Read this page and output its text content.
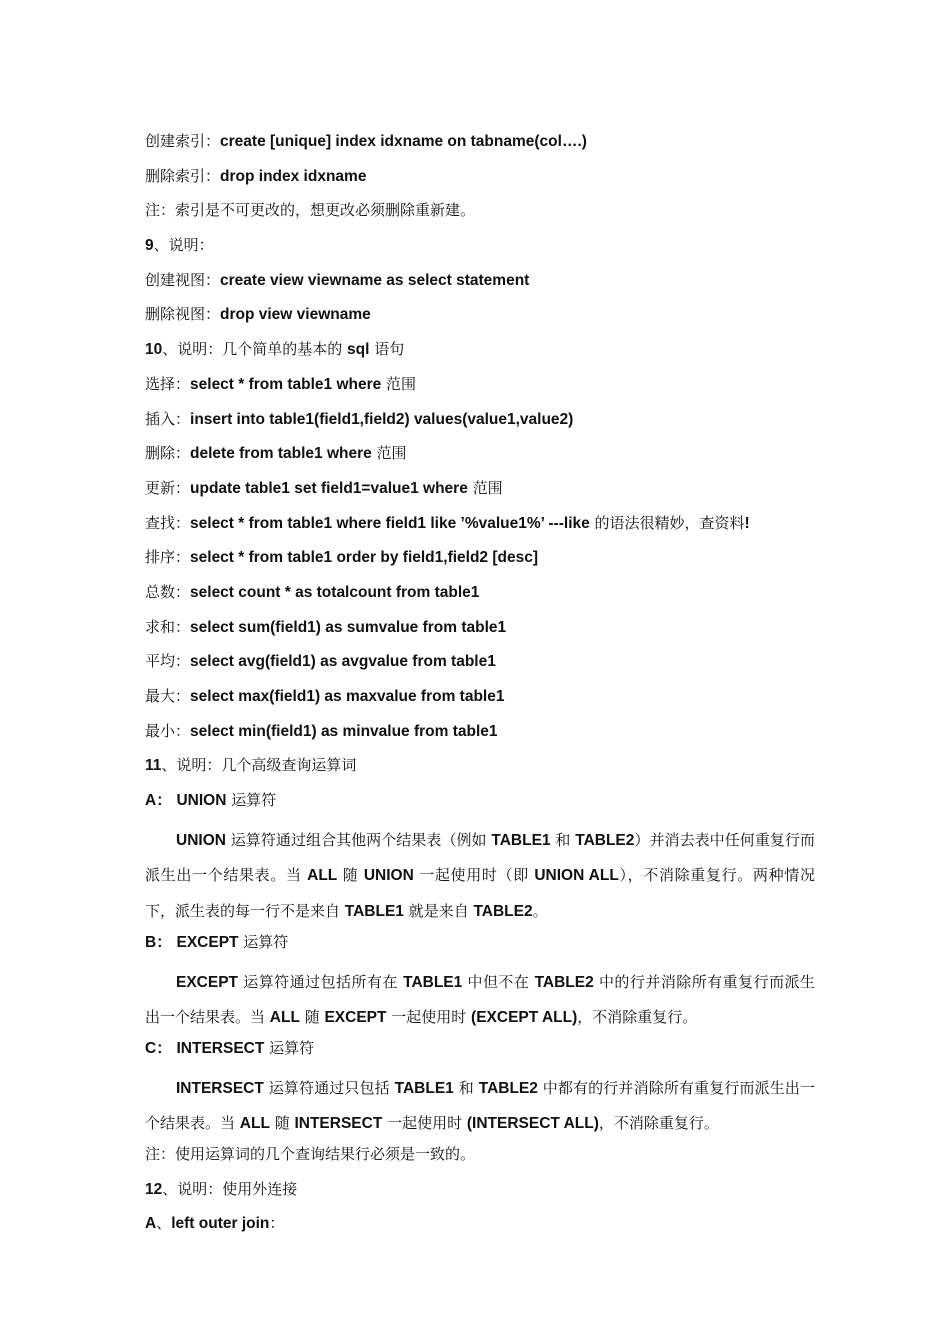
创建索引：create [unique] index idxname on tabname(col….)
删除索引：drop index idxname
注：索引是不可更改的，想更改必须删除重新建。
9、说明：
创建视图：create view viewname as select statement
删除视图：drop view viewname
10、说明：几个简单的基本的 sql 语句
选择：select * from table1 where 范围
插入：insert into table1(field1,field2) values(value1,value2)
删除：delete from table1 where 范围
更新：update table1 set field1=value1 where 范围
查找：select * from table1 where field1 like ’%value1%’ ---like 的语法很精妙，查资料!
排序：select * from table1 order by field1,field2 [desc]
总数：select count * as totalcount from table1
求和：select sum(field1) as sumvalue from table1
平均：select avg(field1) as avgvalue from table1
最大：select max(field1) as maxvalue from table1
最小：select min(field1) as minvalue from table1
11、说明：几个高级查询运算词
A： UNION 运算符
UNION 运算符通过组合其他两个结果表（例如 TABLE1 和 TABLE2）并消去表中任何重复行而派生出一个结果表。当 ALL 随 UNION 一起使用时（即 UNION ALL），不消除重复行。两种情况下，派生表的每一行不是来自 TABLE1 就是来自 TABLE2。
B： EXCEPT 运算符
EXCEPT 运算符通过包括所有在 TABLE1 中但不在 TABLE2 中的行并消除所有重复行而派生出一个结果表。当 ALL 随 EXCEPT 一起使用时 (EXCEPT ALL)，不消除重复行。
C： INTERSECT 运算符
INTERSECT 运算符通过只包括 TABLE1 和 TABLE2 中都有的行并消除所有重复行而派生出一个结果表。当 ALL 随 INTERSECT 一起使用时 (INTERSECT ALL)，不消除重复行。
注：使用运算词的几个查询结果行必须是一致的。
12、说明：使用外连接
A、left outer join：
